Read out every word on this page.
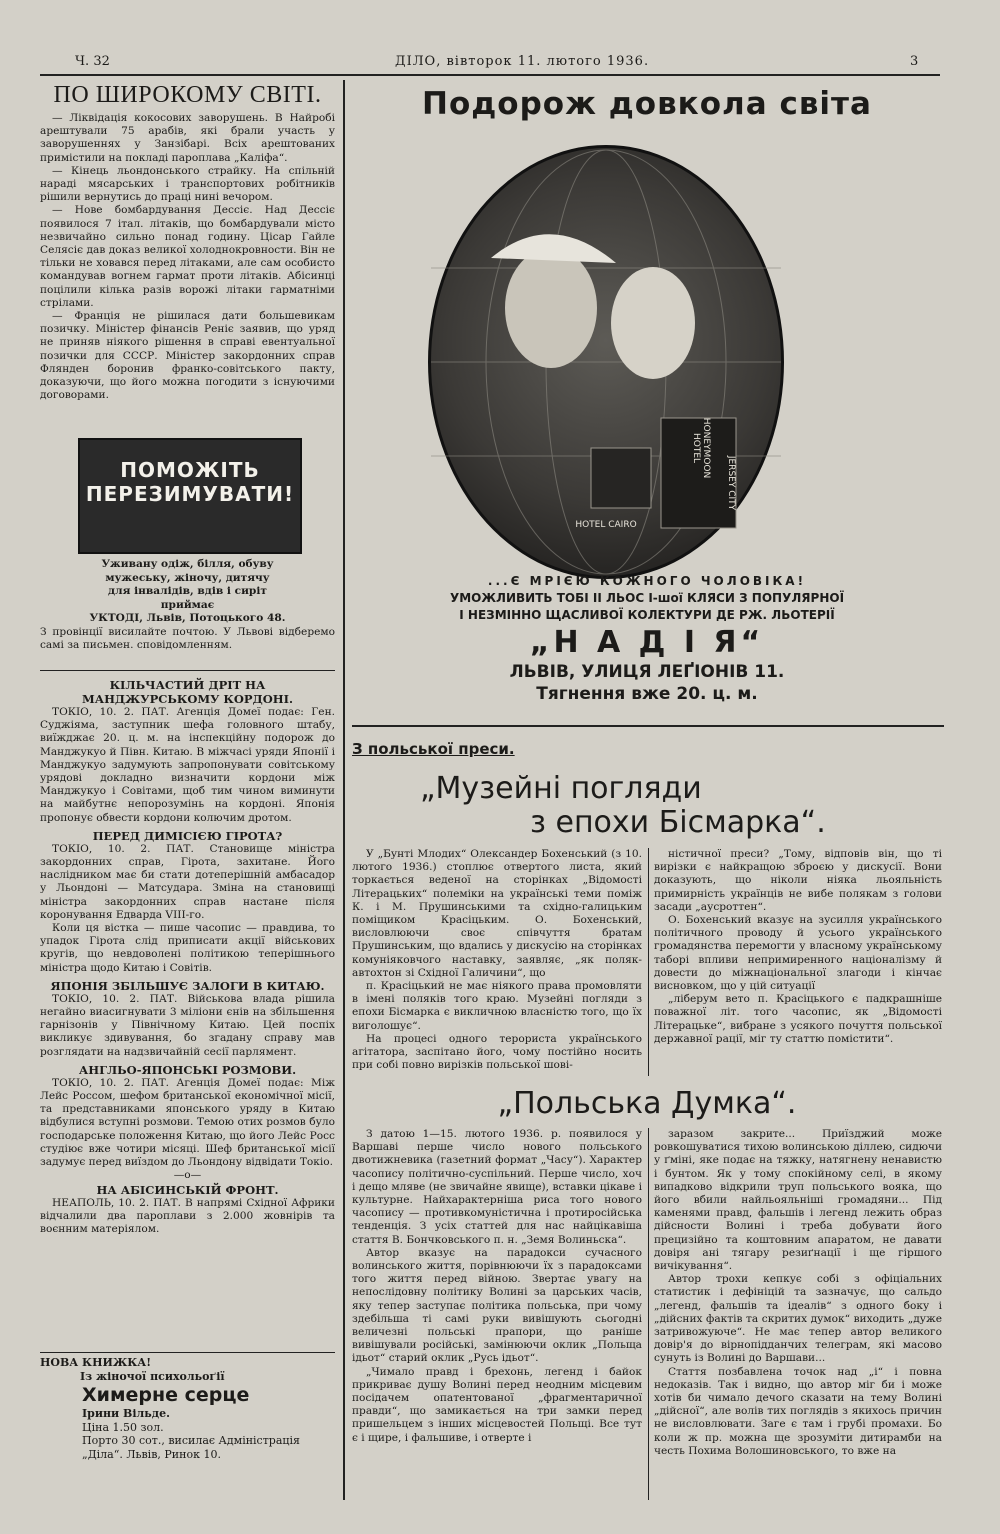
Ч. 32	ДІЛО, вівторок 11. лютого 1936.	3
ПО ШИРОКОМУ СВІТІ.

— Ліквідація кокосових заворушень. В Найробі арештували 75 арабів, які брали участь у заворушеннях у Занзібарі. Всіх арештованих примістили на покладі пароплава „Каліфа“.

— Кінець льондонського страйку. На спільній нараді мясарських і транспортових робітників рішили вернутись до праці нині вечором.

— Нове бомбардування Дессіє. Над Дессіє появилося 7 італ. літаків, що бомбардували місто незвичайно сильно понад годину. Цісар Гайле Селясіє дав доказ великої холоднокровности. Він не тільки не ховався перед літаками, але сам особисто командував вогнем гармат проти літаків. Абісинці поцілили кілька разів ворожі літаки гарматніми стрілами.

— Франція не рішилася дати большевикам позичку. Міністер фінансів Реніє заявив, що уряд не приняв ніякого рішення в справі евентуальної позички для СССР. Міністер закордонних справ Флянден боронив франко-совітського пакту, доказуючи, що його можна погодити з існуючими договорами.

ПОМОЖІТЬ ПЕРЕЗИМУВАТИ!
Уживану одіж, білля, обуву
мужеську, жіночу, дитячу
для інвалідів, вдів і сиріт
приймає
УКТОДІ, Львів, Потоцького 48.
З провінції висилайте почтою. У Львові відберемо самі за письмен. сповідомленням.
КІЛЬЧАСТИЙ ДРІТ НА МАНДЖУРСЬКОМУ КОРДОНІ.

ТОКІО, 10. 2. ПАТ. Агенція Домеї подає: Ген. Суджіяма, заступник шефа головного штабу, виїжджає 20. ц. м. на інспекційну подорож до Манджукуо й Півн. Китаю. В міжчасі уряди Японії і Манджукуо задумують запропонувати совітському урядові докладно визначити кордони між Манджукуо і Совітами, щоб тим чином виминути на майбутнє непорозумінь на кордоні. Японія пропонує обвести кордони колючим дротом.

ПЕРЕД ДИМІСІЄЮ ГІРОТА?

ТОКІО, 10. 2. ПАТ. Становище міністра закордонних справ, Гірота, захитане. Його наслідником має би стати дотеперішній амбасадор у Льондоні — Матсудара. Зміна на становищі міністра закордонних справ настане після коронування Едварда VIII-го.

Коли ця вістка — пише часопис — правдива, то упадок Гірота слід приписати акції військових кругів, що невдоволені політикою теперішнього міністра щодо Китаю і Совітів.

ЯПОНІЯ ЗБІЛЬШУЄ ЗАЛОГИ В КИТАЮ.

ТОКІО, 10. 2. ПАТ. Військова влада рішила негайно виасигнувати 3 міліони єнів на збільшення гарнізонів у Північному Китаю. Цей поспіх викликує здивування, бо згадану справу мав розглядати на надзвичайній сесії парлямент.

АНГЛЬО-ЯПОНСЬКІ РОЗМОВИ.

ТОКІО, 10. 2. ПАТ. Агенція Домеї подає: Між Лейс Россом, шефом британської економічної місії, та представниками японського уряду в Китаю відбулися вступні розмови. Темою отих розмов було господарське положення Китаю, що його Лейс Росс студіює вже чотири місяці. Шеф британської місії задумує перед виїздом до Льондону відвідати Токіо.

—о—
НА АБІСИНСЬКІЙ ФРОНТ.

НЕАПОЛЬ, 10. 2. ПАТ. В напрямі Східної Африки відчалили два пароплави з 2.000 жовнірів та воєнним матеріялом.

НОВА КНИЖКА!
Із жіночої психольоґії
Химерне серце
Ірини Вільде.
Ціна 1.50 зол.
Порто 30 сот., висилає Адміністрація
„Діла“. Львів, Ринок 10.
Подорож довкола світа
HONEYMOON HOTEL
JERSEY CITY
HOTEL CAIRO
...Є МРІЄЮ КОЖНОГО ЧОЛОВІКА!
УМОЖЛИВИТЬ ТОБІ ІІ ЛЬОС І-шої КЛЯСИ З ПОПУЛЯРНОЇ
І НЕЗМІННО ЩАСЛИВОЇ КОЛЕКТУРИ ДЕ РЖ. ЛЬОТЕРІЇ
„Н А Д І Я“
ЛЬВІВ, УЛИЦЯ ЛЕҐІОНІВ 11.
Тягнення вже 20. ц. м.
З польської преси.
„Музейні погляди
з епохи Бісмарка“.

У „Бунті Млодих“ Олександер Бохенський (з 10. лютого 1936.) стоплює отвертого листа, який торкається веденої на сторінках „Відомості Літерацьких“ полеміки на українські теми поміж К. і М. Прушинськими та східно-галицьким поміщиком Красіцьким. О. Бохенський, висловлюючи своє співчуття братам Прушинським, що вдались у дискусію на сторінках комуніяковчого наставку, заявляє, „як поляк-автохтон зі Східної Галичини“, що

п. Красіцький не має ніякого права промовляти в імені поляків того краю. Музейні погляди з епохи Бісмарка є викличною власністю того, що їх виголошує“.

На процесі одного терориста українського агітатора, заспітано його, чому постійно носить при собі повно вирізків польської шові-

ністичної преси? „Тому, відповів він, що ті вирізки є найкращою зброєю у дискусії. Вони доказують, що ніколи ніяка льояльність примирність українців не вибе полякам з голови засади „аусроттен“.

О. Бохенський вказує на зусилля українського політичного проводу й усього українського громадянства перемогти у власному українському таборі впливи непримиренного націоналізму й довести до міжнаціональної злагоди і кінчає висновком, що у цій ситуації

„ліберум вето п. Красіцького є падкрашніше поважної літ. того часопис, як „Відомості Літерацьке“, вибране з усякого почуття польської державної рації, міг ту статтю помістити“.

„Польська Думка“.

З датою 1—15. лютого 1936. р. появилося у Варшаві перше число нового польського двотижневика (газетний формат „Часу“). Характер часопису політично-суспільний. Перше число, хоч і дещо мляве (не звичайне явище), вставки цікаве і культурне. Найхарактерніша риса того нового часопису — противкомуністична і протиросійська тенденція. З усіх статтей для нас найцікавіша стаття В. Бончковського п. н. „Земя Волиньска“.

Автор вказує на парадокси сучасного волинського життя, порівнюючи їх з парадоксами того життя перед війною. Звертає увагу на непослідовну політику Волині за царських часів, яку тепер заступає політика польська, при чому здебільша ті самі руки вивішують сьогодні величезні польські прапори, що раніше вивішували російські, замінюючи оклик „Польща ідьот“ старий оклик „Русь ідьот“.

„Чимало правд і брехонь, легенд і байок прикриває душу Волині перед неодним місцевим посідачем опатентованої „фрагментаричної правди“, що замикається на три замки перед пришельцем з інших місцевостей Польщі. Все тут є і щире, і фальшиве, і отверте і

заразом закрите... Приїзджий може ровкошуватися тихою волинською діллею, сидючи у ґміні, яке подає на тяжку, натягнену ненавистю і бунтом. Як у тому спокійному селі, в якому випадково відкрили труп польського вояка, що його вбили найльояльніші громадяни... Під каменями правд, фальшів і легенд лежить образ дійсности Волині і треба добувати його прецизійно та коштовним апаратом, не давати довіря ані тягару резиґнації і ще гіршого вичікування“.

Автор трохи кепкує собі з офіціальних статистик і дефініцій та зазначує, що сальдо „легенд, фальшів та ідеалів“ з одного боку і „дійсних фактів та скритих думок“ виходить „дуже затривожуюче“. Не має тепер автор великого довір'я до вірнопідданчих телеграм, які масово сунуть із Волині до Варшави...

Стаття позбавлена точок над „і“ і повна недоказів. Так і видно, що автор міг би і може хотів би чимало дечого сказати на тему Волині „дійсної“, але волів тих поглядів з якихось причин не висловлювати. Заге є там і грубі промахи. Бо коли ж пр. можна ще зрозуміти дитирамби на честь Похима Волошиновського, то вже на
